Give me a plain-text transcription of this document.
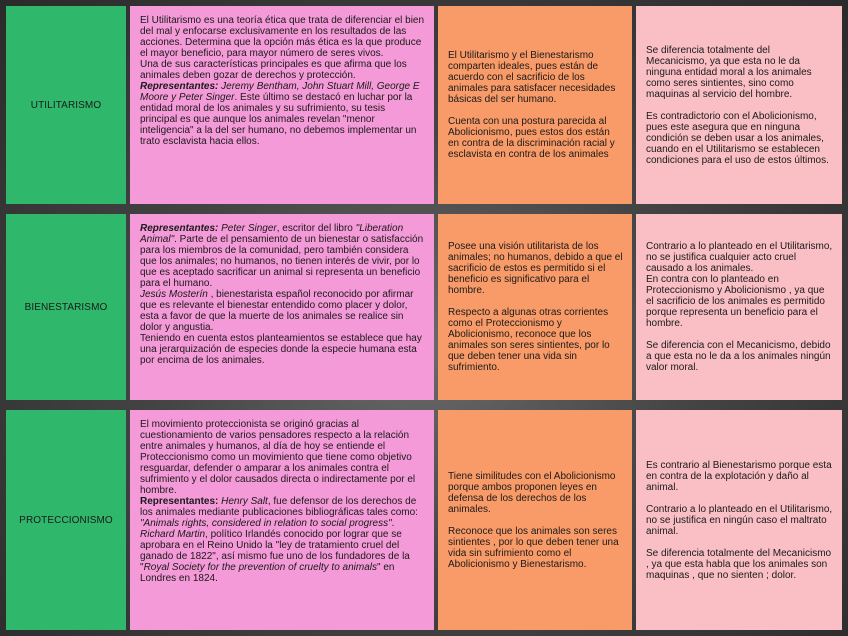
UTILITARISMO

El Utilitarismo es una teoría ética que trata de diferenciar el bien del mal y enfocarse exclusivamente en los resultados de las acciones. Determina que la opción más ética es la que produce el mayor beneficio, para mayor número de seres vivos.

Una de sus características principales es que afirma que los animales deben gozar de derechos y protección.

Representantes: Jeremy Bentham, John Stuart Mill, George E Moore y Peter Singer. Este último se destacó en luchar por la entidad moral de los animales y su sufrimiento, su tesis principal es que aunque los animales revelan "menor inteligencia" a la del ser humano, no debemos implementar un trato esclavista hacia ellos.

El Utilitarismo y el Bienestarismo comparten ideales, pues están de acuerdo con el sacrificio de los animales para satisfacer necesidades básicas del ser humano.

Cuenta con una postura parecida al Abolicionismo, pues estos dos están en contra de la discriminación racial y esclavista en contra de los animales

Se diferencia totalmente del Mecanicismo, ya que esta no le da ninguna entidad moral a los animales como seres sintientes, sino como maquinas al servicio del hombre.

Es contradictorio con el Abolicionismo, pues este asegura que en ninguna condición se deben usar a los animales, cuando en el Utilitarismo se establecen condiciones para el uso de estos últimos.

BIENESTARISMO

Representantes: Peter Singer, escritor del libro "Liberation Animal". Parte de el pensamiento de un bienestar o satisfacción para los miembros de la comunidad, pero también considera que los animales; no humanos, no tienen interés de vivir, por lo que es aceptado sacrificar un animal si representa un beneficio para el humano.

Jesús Mosterín , bienestarista español reconocido por afirmar que es relevante el bienestar entendido como placer y dolor, esta a favor de que la muerte de los animales se realice sin dolor y angustia.

Teniendo en cuenta estos planteamientos se establece que hay una jerarquización de especies donde la especie humana esta por encima de los animales.

Posee una visión utilitarista de los animales; no humanos, debido a que el sacrificio de estos es permitido si el beneficio es significativo para el hombre.

Respecto a algunas otras corrientes como el Proteccionismo y Abolicionismo, reconoce que los animales son seres sintientes, por lo que deben tener una vida sin sufrimiento.

Contrario a lo planteado en el Utilitarismo, no se justifica cualquier acto cruel causado a los animales.

En contra con lo planteado en Proteccionismo y Abolicionismo , ya que el sacrificio de los animales es permitido porque representa un beneficio para el hombre.

Se diferencia con el Mecanicismo, debido a que esta no le da a los animales ningún valor moral.

PROTECCIONISMO

El movimiento proteccionista se originó gracias al cuestionamiento de varios pensadores respecto a la relación entre animales y humanos, al día de hoy se entiende el Proteccionismo como un movimiento que tiene como objetivo resguardar, defender o amparar a los animales contra el sufrimiento y el dolor causados directa o indirectamente por el hombre.

Representantes: Henry Salt, fue defensor de los derechos de los animales mediante publicaciones bibliográficas tales como: "Animals rights, considered in relation to social progress". Richard Martin, político Irlandés conocido por lograr que se aprobara en el Reino Unido la "ley de tratamiento cruel del ganado de 1822", así mismo fue uno de los fundadores de la "Royal Society for the prevention of cruelty to animals" en Londres en 1824.

Tiene similitudes con el Abolicionismo porque ambos proponen leyes en defensa de los derechos de los animales.

Reconoce que los animales son seres sintientes , por lo que deben tener una vida sin sufrimiento como el Abolicionismo y Bienestarismo.

Es contrario al Bienestarismo porque esta en contra de la explotación y daño al animal.

Contrario a lo planteado en el Utilitarismo, no se justifica en ningún caso el maltrato animal.

Se diferencia totalmente del Mecanicismo , ya que esta habla que los animales son maquinas , que no sienten ; dolor.
